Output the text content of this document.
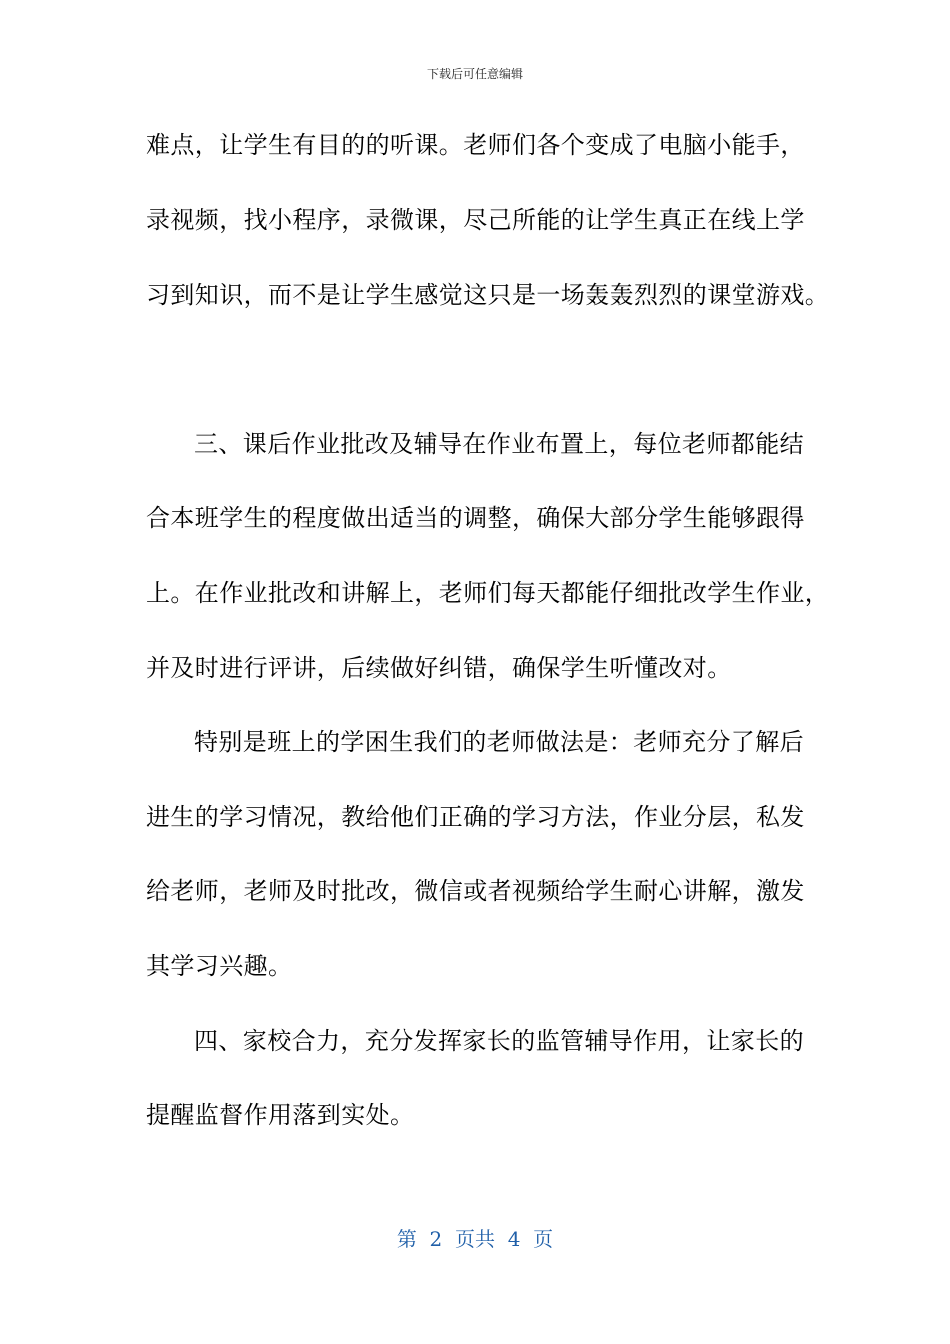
下载后可任意编辑
难点，让学生有目的的听课。老师们各个变成了电脑小能手，
录视频，找小程序，录微课，尽己所能的让学生真正在线上学
习到知识，而不是让学生感觉这只是一场轰轰烈烈的课堂游戏。
三、课后作业批改及辅导在作业布置上，每位老师都能结
合本班学生的程度做出适当的调整，确保大部分学生能够跟得
上。在作业批改和讲解上，老师们每天都能仔细批改学生作业，
并及时进行评讲，后续做好纠错，确保学生听懂改对。
特别是班上的学困生我们的老师做法是：老师充分了解后
进生的学习情况，教给他们正确的学习方法，作业分层，私发
给老师，老师及时批改，微信或者视频给学生耐心讲解，激发
其学习兴趣。
四、家校合力，充分发挥家长的监管辅导作用，让家长的
提醒监督作用落到实处。
第  2  页共  4  页
